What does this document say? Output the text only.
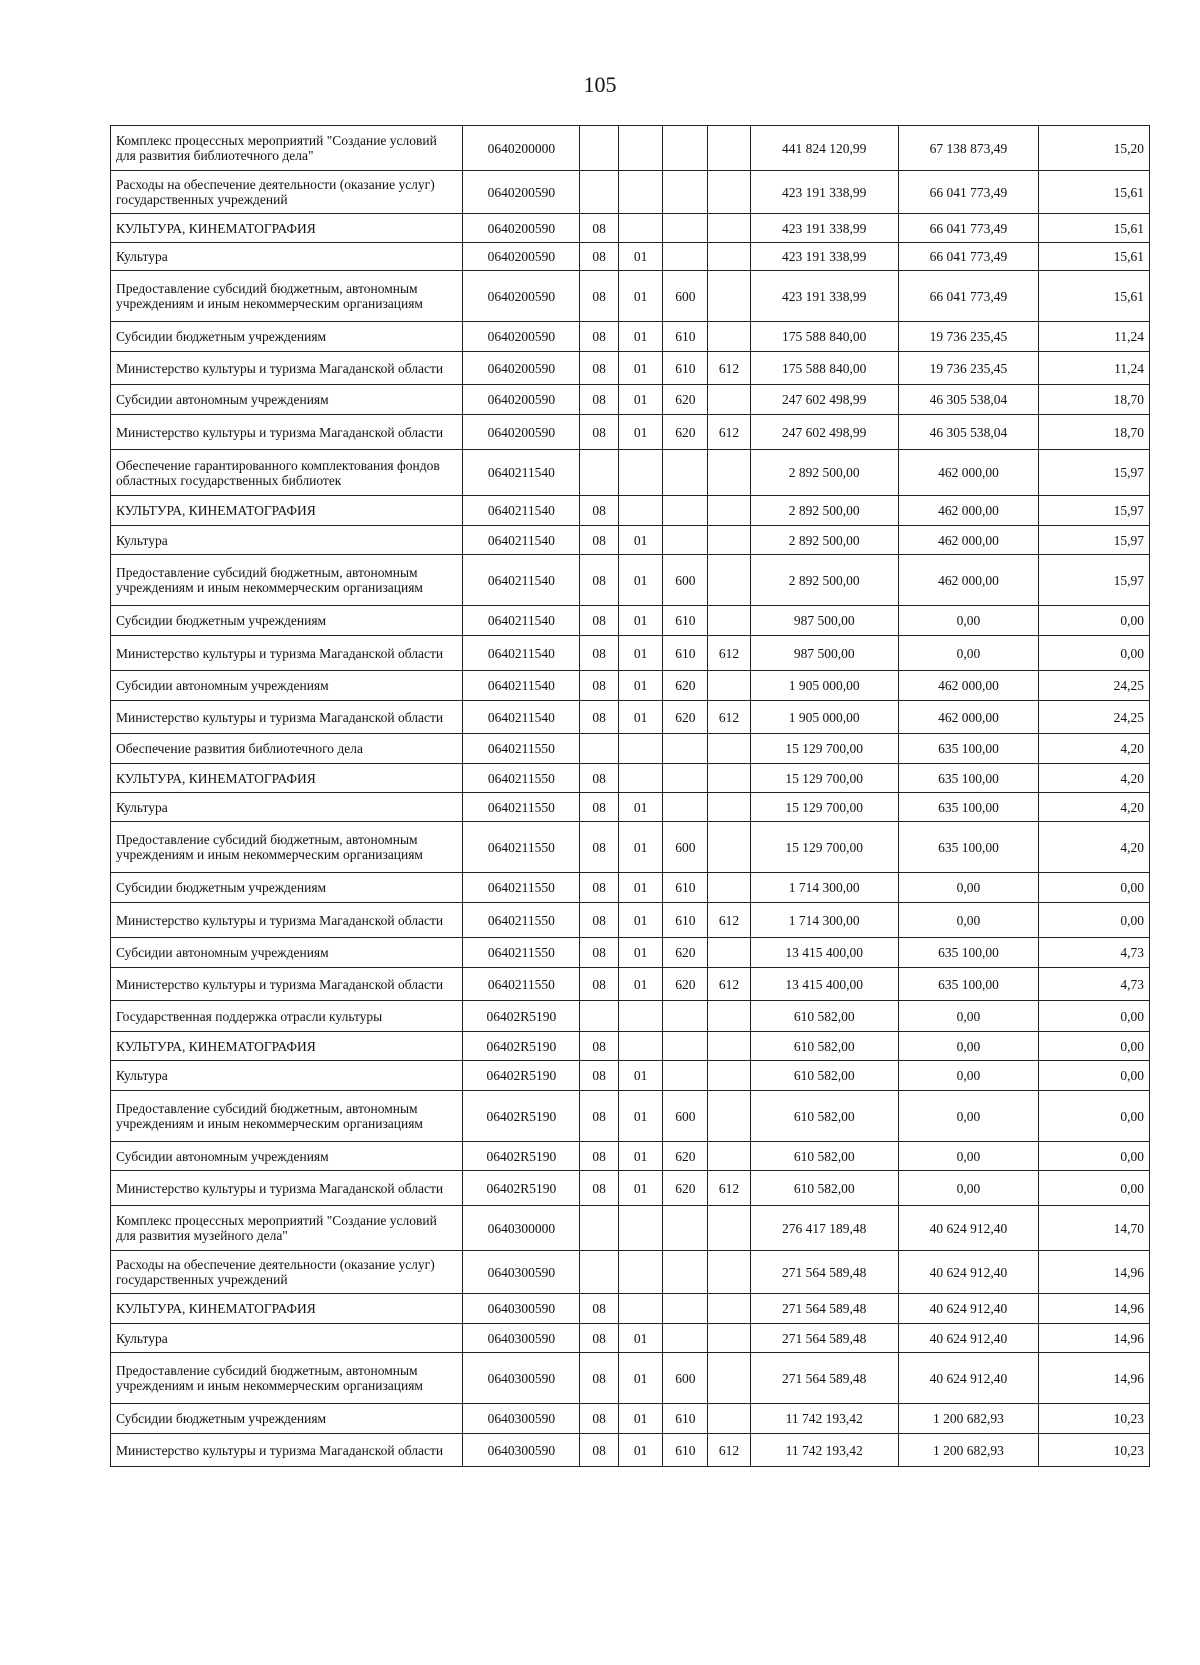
105
Комплекс процессных мероприятий "Создание условий для развития библиотечного дела"	0640200000					441 824 120,99	67 138 873,49	15,20
Расходы на обеспечение деятельности (оказание услуг) государственных учреждений	0640200590					423 191 338,99	66 041 773,49	15,61
КУЛЬТУРА, КИНЕМАТОГРАФИЯ	0640200590	08				423 191 338,99	66 041 773,49	15,61
Культура	0640200590	08	01			423 191 338,99	66 041 773,49	15,61
Предоставление субсидий бюджетным, автономным учреждениям и иным некоммерческим организациям	0640200590	08	01	600		423 191 338,99	66 041 773,49	15,61
Субсидии бюджетным учреждениям	0640200590	08	01	610		175 588 840,00	19 736 235,45	11,24
Министерство культуры и туризма Магаданской области	0640200590	08	01	610	612	175 588 840,00	19 736 235,45	11,24
Субсидии автономным учреждениям	0640200590	08	01	620		247 602 498,99	46 305 538,04	18,70
Министерство культуры и туризма Магаданской области	0640200590	08	01	620	612	247 602 498,99	46 305 538,04	18,70
Обеспечение гарантированного комплектования фондов областных государственных библиотек	0640211540					2 892 500,00	462 000,00	15,97
КУЛЬТУРА, КИНЕМАТОГРАФИЯ	0640211540	08				2 892 500,00	462 000,00	15,97
Культура	0640211540	08	01			2 892 500,00	462 000,00	15,97
Предоставление субсидий бюджетным, автономным учреждениям и иным некоммерческим организациям	0640211540	08	01	600		2 892 500,00	462 000,00	15,97
Субсидии бюджетным учреждениям	0640211540	08	01	610		987 500,00	0,00	0,00
Министерство культуры и туризма Магаданской области	0640211540	08	01	610	612	987 500,00	0,00	0,00
Субсидии автономным учреждениям	0640211540	08	01	620		1 905 000,00	462 000,00	24,25
Министерство культуры и туризма Магаданской области	0640211540	08	01	620	612	1 905 000,00	462 000,00	24,25
Обеспечение развития библиотечного дела	0640211550					15 129 700,00	635 100,00	4,20
КУЛЬТУРА, КИНЕМАТОГРАФИЯ	0640211550	08				15 129 700,00	635 100,00	4,20
Культура	0640211550	08	01			15 129 700,00	635 100,00	4,20
Предоставление субсидий бюджетным, автономным учреждениям и иным некоммерческим организациям	0640211550	08	01	600		15 129 700,00	635 100,00	4,20
Субсидии бюджетным учреждениям	0640211550	08	01	610		1 714 300,00	0,00	0,00
Министерство культуры и туризма Магаданской области	0640211550	08	01	610	612	1 714 300,00	0,00	0,00
Субсидии автономным учреждениям	0640211550	08	01	620		13 415 400,00	635 100,00	4,73
Министерство культуры и туризма Магаданской области	0640211550	08	01	620	612	13 415 400,00	635 100,00	4,73
Государственная поддержка отрасли культуры	06402R5190					610 582,00	0,00	0,00
КУЛЬТУРА, КИНЕМАТОГРАФИЯ	06402R5190	08				610 582,00	0,00	0,00
Культура	06402R5190	08	01			610 582,00	0,00	0,00
Предоставление субсидий бюджетным, автономным учреждениям и иным некоммерческим организациям	06402R5190	08	01	600		610 582,00	0,00	0,00
Субсидии автономным учреждениям	06402R5190	08	01	620		610 582,00	0,00	0,00
Министерство культуры и туризма Магаданской области	06402R5190	08	01	620	612	610 582,00	0,00	0,00
Комплекс процессных мероприятий "Создание условий для развития музейного дела"	0640300000					276 417 189,48	40 624 912,40	14,70
Расходы на обеспечение деятельности (оказание услуг) государственных учреждений	0640300590					271 564 589,48	40 624 912,40	14,96
КУЛЬТУРА, КИНЕМАТОГРАФИЯ	0640300590	08				271 564 589,48	40 624 912,40	14,96
Культура	0640300590	08	01			271 564 589,48	40 624 912,40	14,96
Предоставление субсидий бюджетным, автономным учреждениям и иным некоммерческим организациям	0640300590	08	01	600		271 564 589,48	40 624 912,40	14,96
Субсидии бюджетным учреждениям	0640300590	08	01	610		11 742 193,42	1 200 682,93	10,23
Министерство культуры и туризма Магаданской области	0640300590	08	01	610	612	11 742 193,42	1 200 682,93	10,23
